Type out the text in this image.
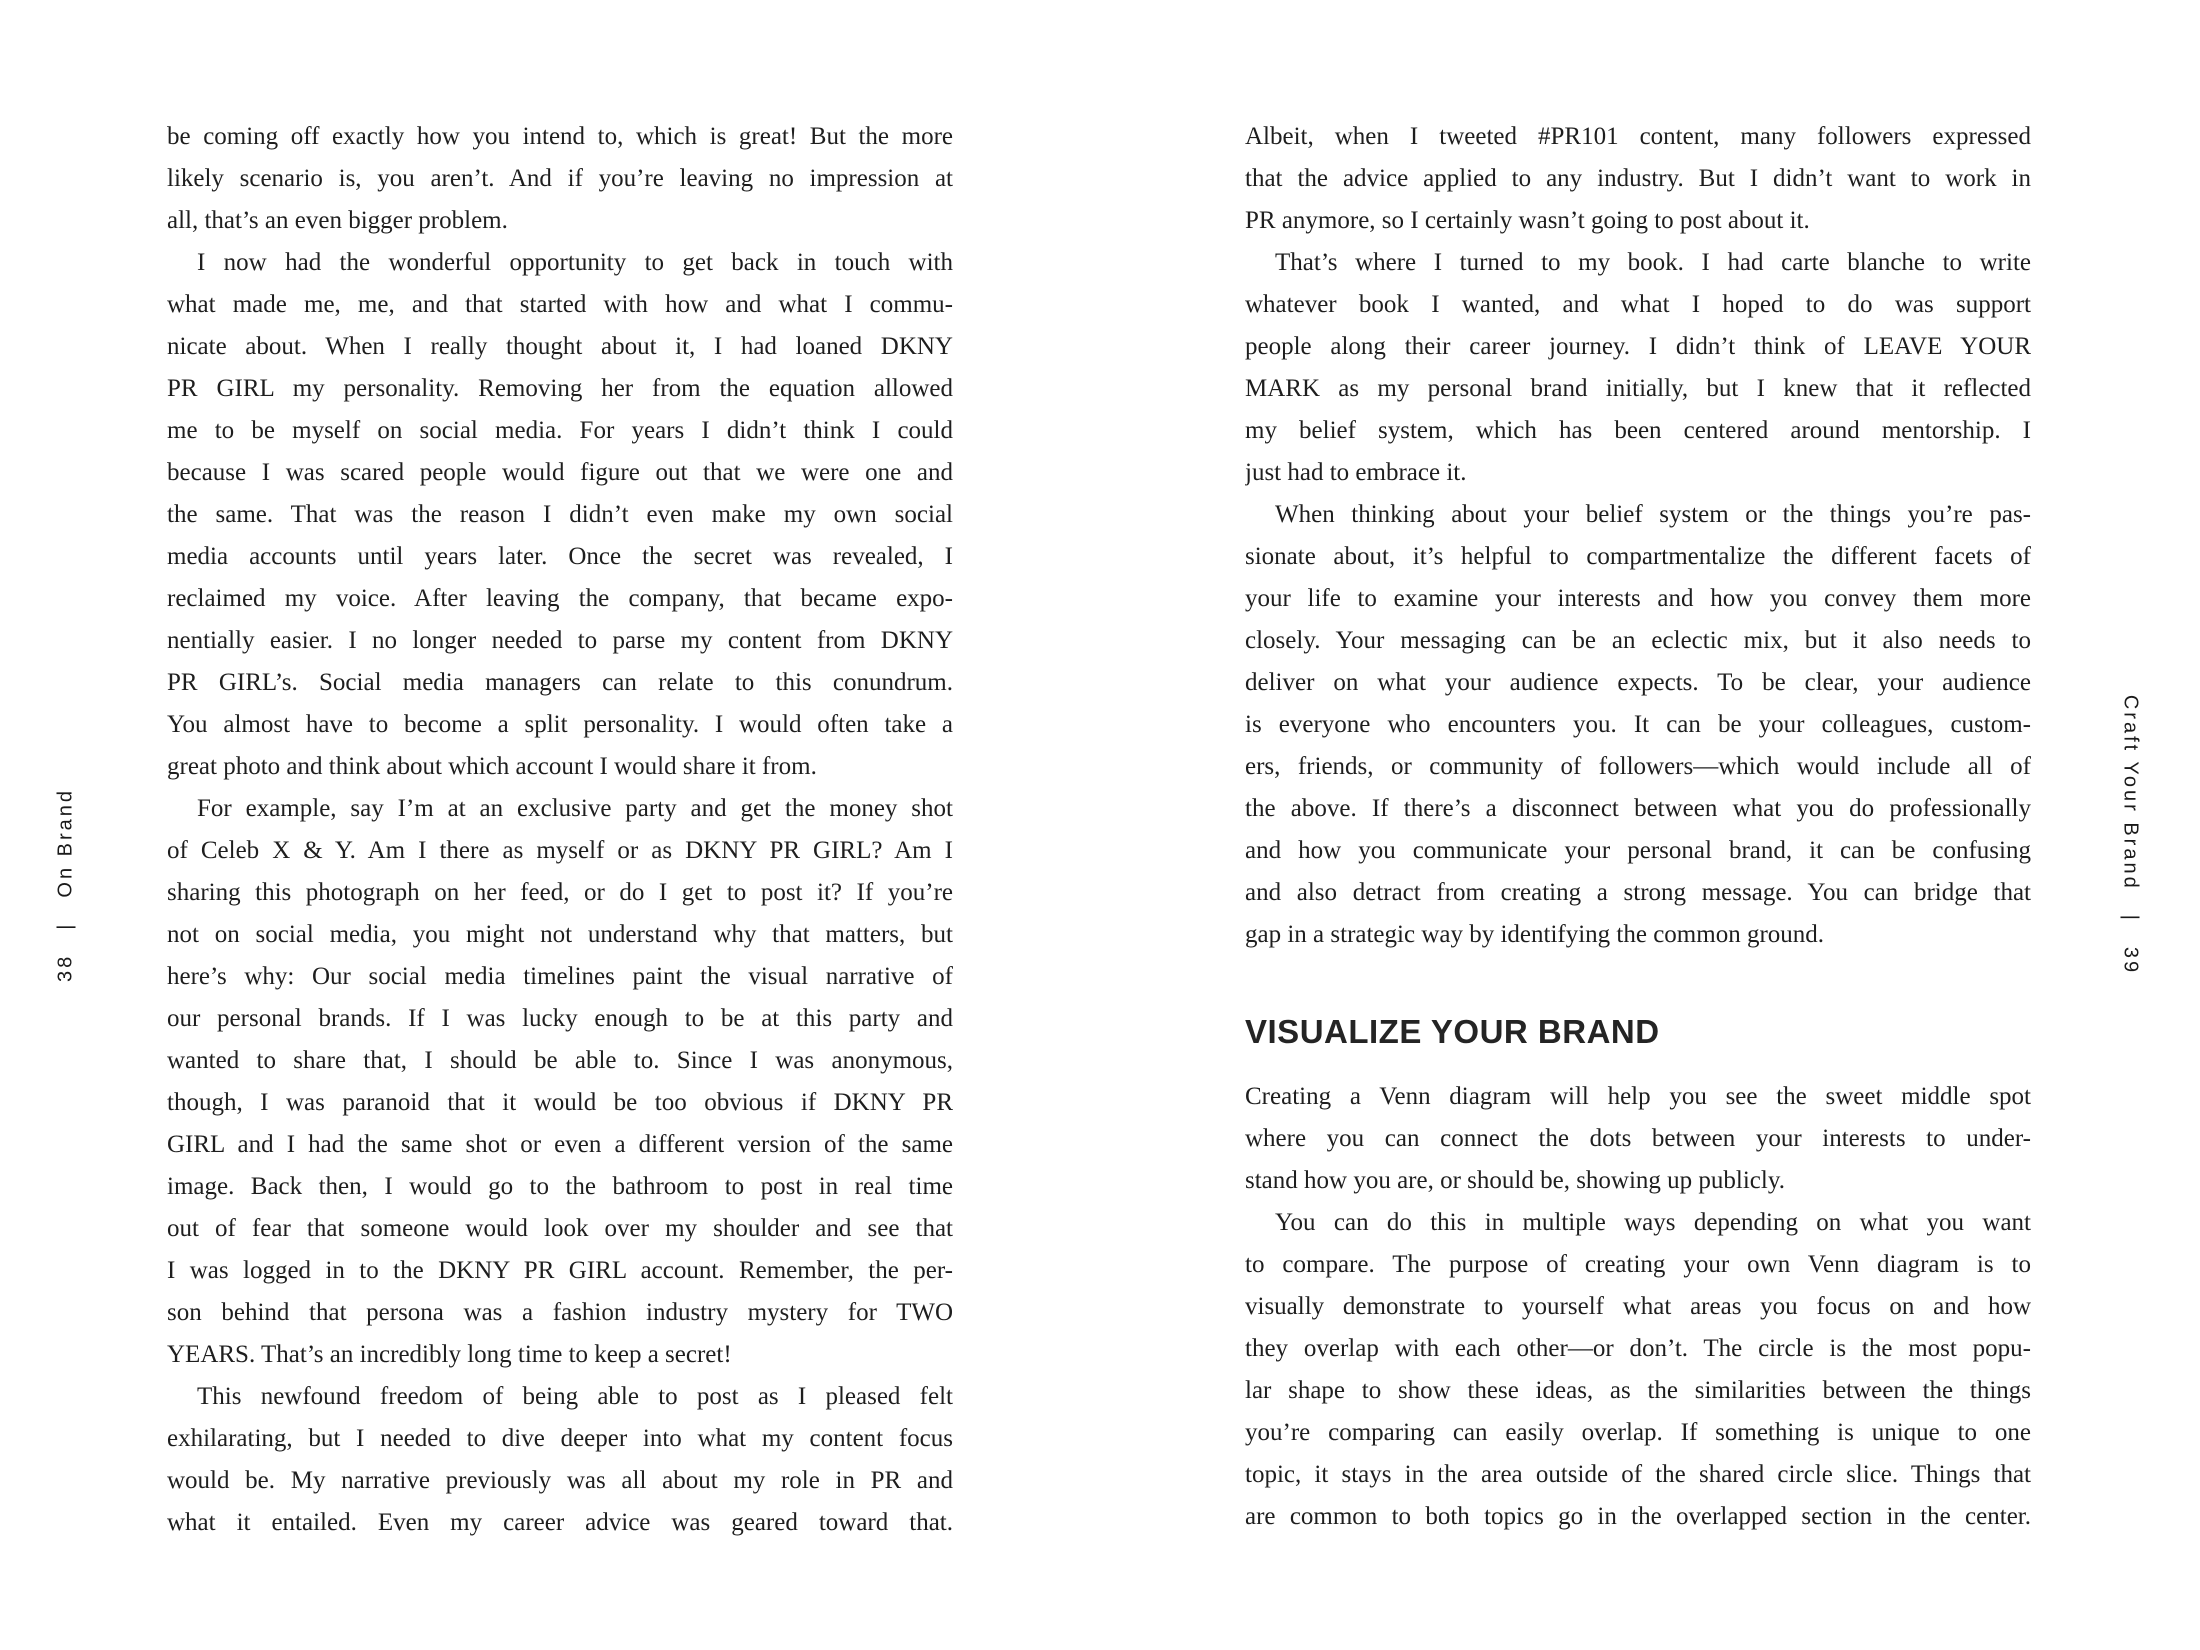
be coming off exactly how you intend to, which is great! But the more
likely scenario is, you aren’t. And if you’re leaving no impression at
all, that’s an even bigger problem.
I now had the wonderful opportunity to get back in touch with
what made me, me, and that started with how and what I commu-
nicate about. When I really thought about it, I had loaned DKNY
PR GIRL my personality. Removing her from the equation allowed
me to be myself on social media. For years I didn’t think I could
because I was scared people would figure out that we were one and
the same. That was the reason I didn’t even make my own social
media accounts until years later. Once the secret was revealed, I
reclaimed my voice. After leaving the company, that became expo-
nentially easier. I no longer needed to parse my content from DKNY
PR GIRL’s. Social media managers can relate to this conundrum.
You almost have to become a split personality. I would often take a
great photo and think about which account I would share it from.
For example, say I’m at an exclusive party and get the money shot
of Celeb X & Y. Am I there as myself or as DKNY PR GIRL? Am I
sharing this photograph on her feed, or do I get to post it? If you’re
not on social media, you might not understand why that matters, but
here’s why: Our social media timelines paint the visual narrative of
our personal brands. If I was lucky enough to be at this party and
wanted to share that, I should be able to. Since I was anonymous,
though, I was paranoid that it would be too obvious if DKNY PR
GIRL and I had the same shot or even a different version of the same
image. Back then, I would go to the bathroom to post in real time
out of fear that someone would look over my shoulder and see that
I was logged in to the DKNY PR GIRL account. Remember, the per-
son behind that persona was a fashion industry mystery for TWO
YEARS. That’s an incredibly long time to keep a secret!
This newfound freedom of being able to post as I pleased felt
exhilarating, but I needed to dive deeper into what my content focus
would be. My narrative previously was all about my role in PR and
what it entailed. Even my career advice was geared toward that.
Albeit, when I tweeted #PR101 content, many followers expressed
that the advice applied to any industry. But I didn’t want to work in
PR anymore, so I certainly wasn’t going to post about it.
That’s where I turned to my book. I had carte blanche to write
whatever book I wanted, and what I hoped to do was support
people along their career journey. I didn’t think of LEAVE YOUR
MARK as my personal brand initially, but I knew that it reflected
my belief system, which has been centered around mentorship. I
just had to embrace it.
When thinking about your belief system or the things you’re pas-
sionate about, it’s helpful to compartmentalize the different facets of
your life to examine your interests and how you convey them more
closely. Your messaging can be an eclectic mix, but it also needs to
deliver on what your audience expects. To be clear, your audience
is everyone who encounters you. It can be your colleagues, custom-
ers, friends, or community of followers—which would include all of
the above. If there’s a disconnect between what you do professionally
and how you communicate your personal brand, it can be confusing
and also detract from creating a strong message. You can bridge that
gap in a strategic way by identifying the common ground.
VISUALIZE YOUR BRAND
Creating a Venn diagram will help you see the sweet middle spot
where you can connect the dots between your interests to under-
stand how you are, or should be, showing up publicly.
You can do this in multiple ways depending on what you want
to compare. The purpose of creating your own Venn diagram is to
visually demonstrate to yourself what areas you focus on and how
they overlap with each other—or don’t. The circle is the most popu-
lar shape to show these ideas, as the similarities between the things
you’re comparing can easily overlap. If something is unique to one
topic, it stays in the area outside of the shared circle slice. Things that
are common to both topics go in the overlapped section in the center.
38
|
On Brand	Craft Your Brand
|
39
